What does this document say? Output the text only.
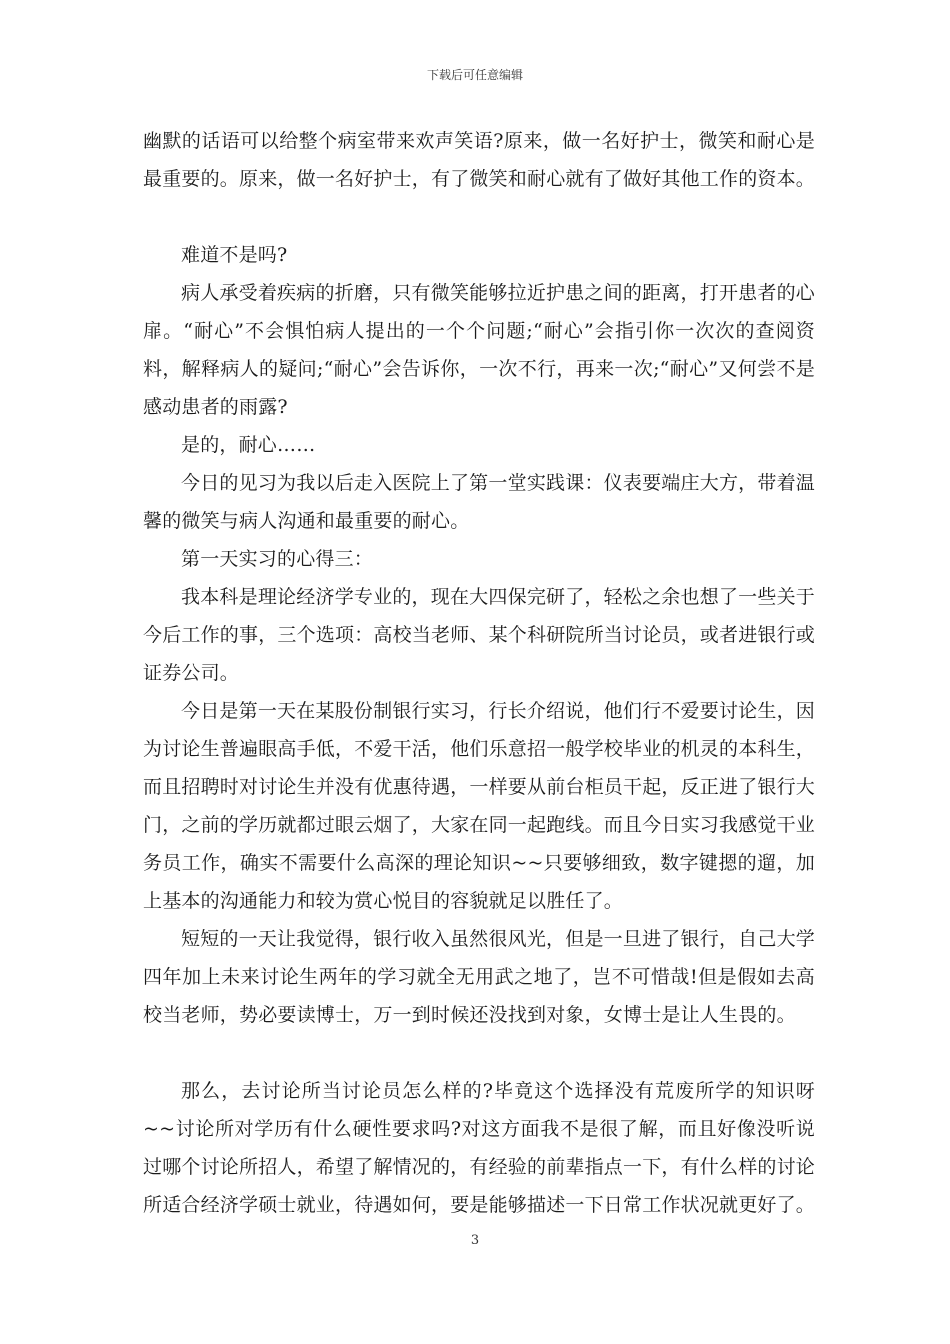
下载后可任意编辑

幽默的话语可以给整个病室带来欢声笑语?原来，做一名好护士，微笑和耐心是最重要的。原来，做一名好护士，有了微笑和耐心就有了做好其他工作的资本。

难道不是吗?

病人承受着疾病的折磨，只有微笑能够拉近护患之间的距离，打开患者的心扉。“耐心”不会惧怕病人提出的一个个问题;“耐心”会指引你一次次的查阅资料，解释病人的疑问;“耐心”会告诉你，一次不行，再来一次;“耐心”又何尝不是感动患者的雨露?

是的，耐心……

今日的见习为我以后走入医院上了第一堂实践课：仪表要端庄大方，带着温馨的微笑与病人沟通和最重要的耐心。

第一天实习的心得三：

我本科是理论经济学专业的，现在大四保完研了，轻松之余也想了一些关于今后工作的事，三个选项：高校当老师、某个科研院所当讨论员，或者进银行或证券公司。

今日是第一天在某股份制银行实习，行长介绍说，他们行不爱要讨论生，因为讨论生普遍眼高手低，不爱干活，他们乐意招一般学校毕业的机灵的本科生，而且招聘时对讨论生并没有优惠待遇，一样要从前台柜员干起，反正进了银行大门，之前的学历就都过眼云烟了，大家在同一起跑线。而且今日实习我感觉干业务员工作，确实不需要什么高深的理论知识~~只要够细致，数字键摁的遛，加上基本的沟通能力和较为赏心悦目的容貌就足以胜任了。

短短的一天让我觉得，银行收入虽然很风光，但是一旦进了银行，自己大学四年加上未来讨论生两年的学习就全无用武之地了，岂不可惜哉!但是假如去高校当老师，势必要读博士，万一到时候还没找到对象，女博士是让人生畏的。

那么，去讨论所当讨论员怎么样的?毕竟这个选择没有荒废所学的知识呀~~讨论所对学历有什么硬性要求吗?对这方面我不是很了解，而且好像没听说过哪个讨论所招人，希望了解情况的，有经验的前辈指点一下，有什么样的讨论所适合经济学硕士就业，待遇如何，要是能够描述一下日常工作状况就更好了。

3
